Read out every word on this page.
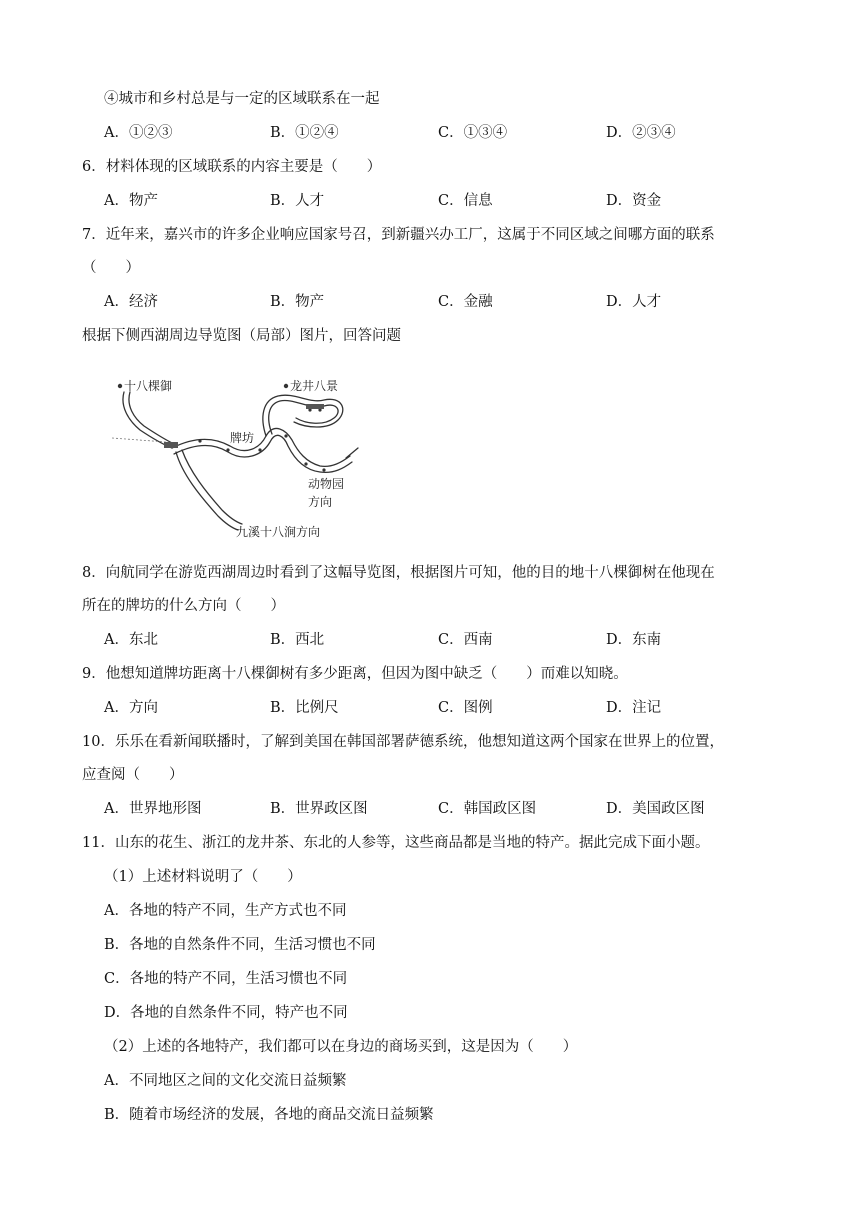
④城市和乡村总是与一定的区域联系在一起
A．①②③	B．①②④	C．①③④	D．②③④
6．材料体现的区域联系的内容主要是（　　）
A．物产	B．人才	C．信息	D．资金
7．近年来，嘉兴市的许多企业响应国家号召，到新疆兴办工厂，这属于不同区域之间哪方面的联系
（　　）
A．经济	B．物产	C．金融	D．人才
根据下侧西湖周边导览图（局部）图片，回答问题
十八棵御	龙井八景
牌坊
动物园
方向
九溪十八涧方向
8．向航同学在游览西湖周边时看到了这幅导览图，根据图片可知，他的目的地十八棵御树在他现在
所在的牌坊的什么方向（　　）
A．东北	B．西北	C．西南	D．东南
9．他想知道牌坊距离十八棵御树有多少距离，但因为图中缺乏（　　）而难以知晓。
A．方向	B．比例尺	C．图例	D．注记
10．乐乐在看新闻联播时，了解到美国在韩国部署萨德系统，他想知道这两个国家在世界上的位置，
应查阅（　　）
A．世界地形图	B．世界政区图	C．韩国政区图	D．美国政区图
11．山东的花生、浙江的龙井茶、东北的人参等，这些商品都是当地的特产。据此完成下面小题。
（1）上述材料说明了（　　）
A．各地的特产不同，生产方式也不同
B．各地的自然条件不同，生活习惯也不同
C．各地的特产不同，生活习惯也不同
D．各地的自然条件不同，特产也不同
（2）上述的各地特产，我们都可以在身边的商场买到，这是因为（　　）
A．不同地区之间的文化交流日益频繁
B．随着市场经济的发展，各地的商品交流日益频繁
